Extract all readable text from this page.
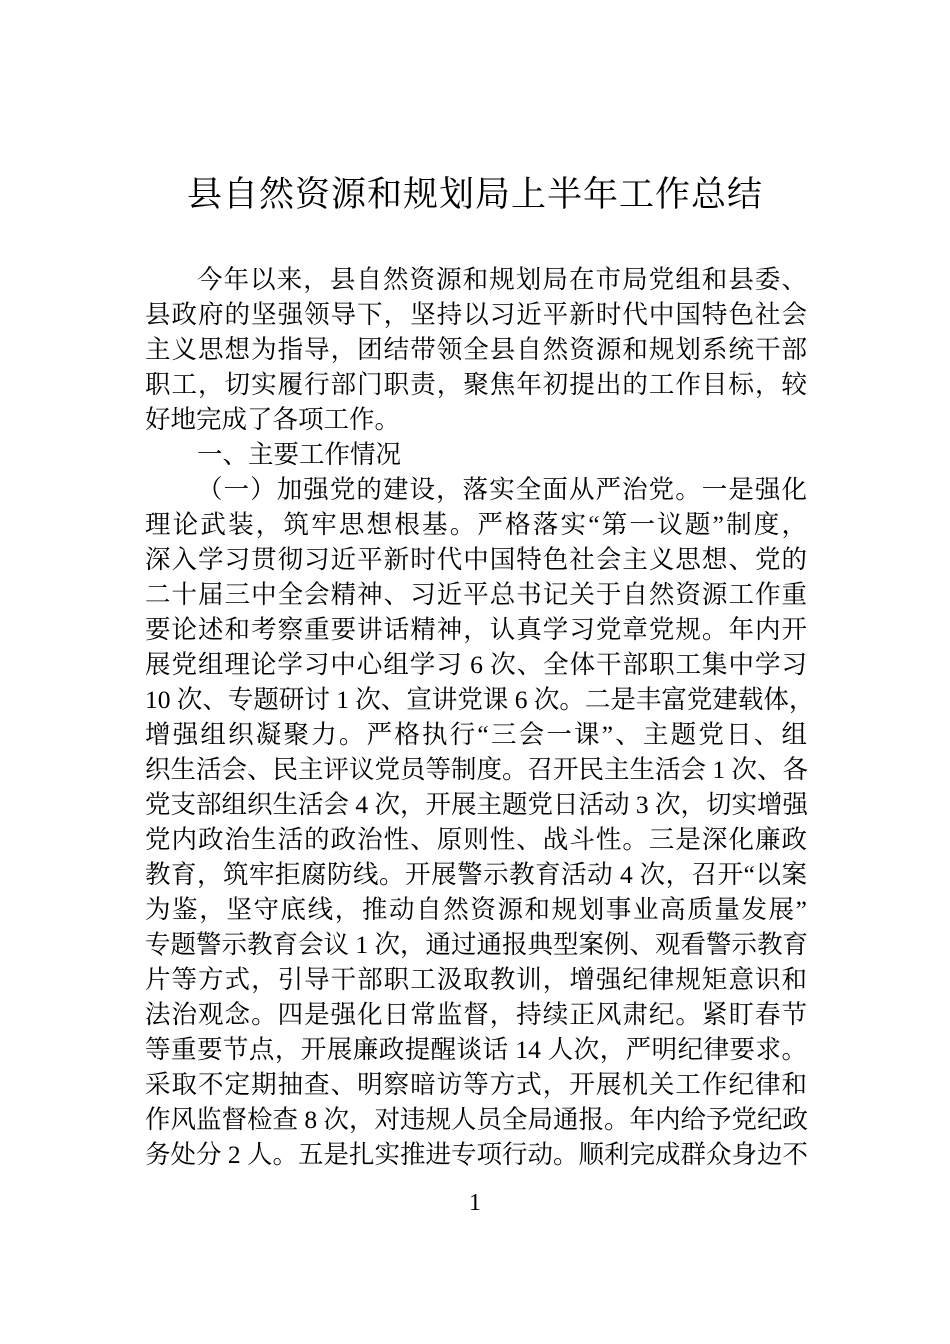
县自然资源和规划局上半年工作总结
今年以来，县自然资源和规划局在市局党组和县委、
县政府的坚强领导下，坚持以习近平新时代中国特色社会
主义思想为指导，团结带领全县自然资源和规划系统干部
职工，切实履行部门职责，聚焦年初提出的工作目标，较
好地完成了各项工作。
一、主要工作情况
（一）加强党的建设，落实全面从严治党。一是强化
理论武装，筑牢思想根基。严格落实“第一议题”制度，
深入学习贯彻习近平新时代中国特色社会主义思想、党的
二十届三中全会精神、习近平总书记关于自然资源工作重
要论述和考察重要讲话精神，认真学习党章党规。年内开
展党组理论学习中心组学习 6 次、全体干部职工集中学习
10 次、专题研讨 1 次、宣讲党课 6 次。二是丰富党建载体，
增强组织凝聚力。严格执行“三会一课”、主题党日、组
织生活会、民主评议党员等制度。召开民主生活会 1 次、各
党支部组织生活会 4 次，开展主题党日活动 3 次，切实增强
党内政治生活的政治性、原则性、战斗性。三是深化廉政
教育，筑牢拒腐防线。开展警示教育活动 4 次，召开“以案
为鉴，坚守底线，推动自然资源和规划事业高质量发展”
专题警示教育会议 1 次，通过通报典型案例、观看警示教育
片等方式，引导干部职工汲取教训，增强纪律规矩意识和
法治观念。四是强化日常监督，持续正风肃纪。紧盯春节
等重要节点，开展廉政提醒谈话 14 人次，严明纪律要求。
采取不定期抽查、明察暗访等方式，开展机关工作纪律和
作风监督检查 8 次，对违规人员全局通报。年内给予党纪政
务处分 2 人。五是扎实推进专项行动。顺利完成群众身边不
1
